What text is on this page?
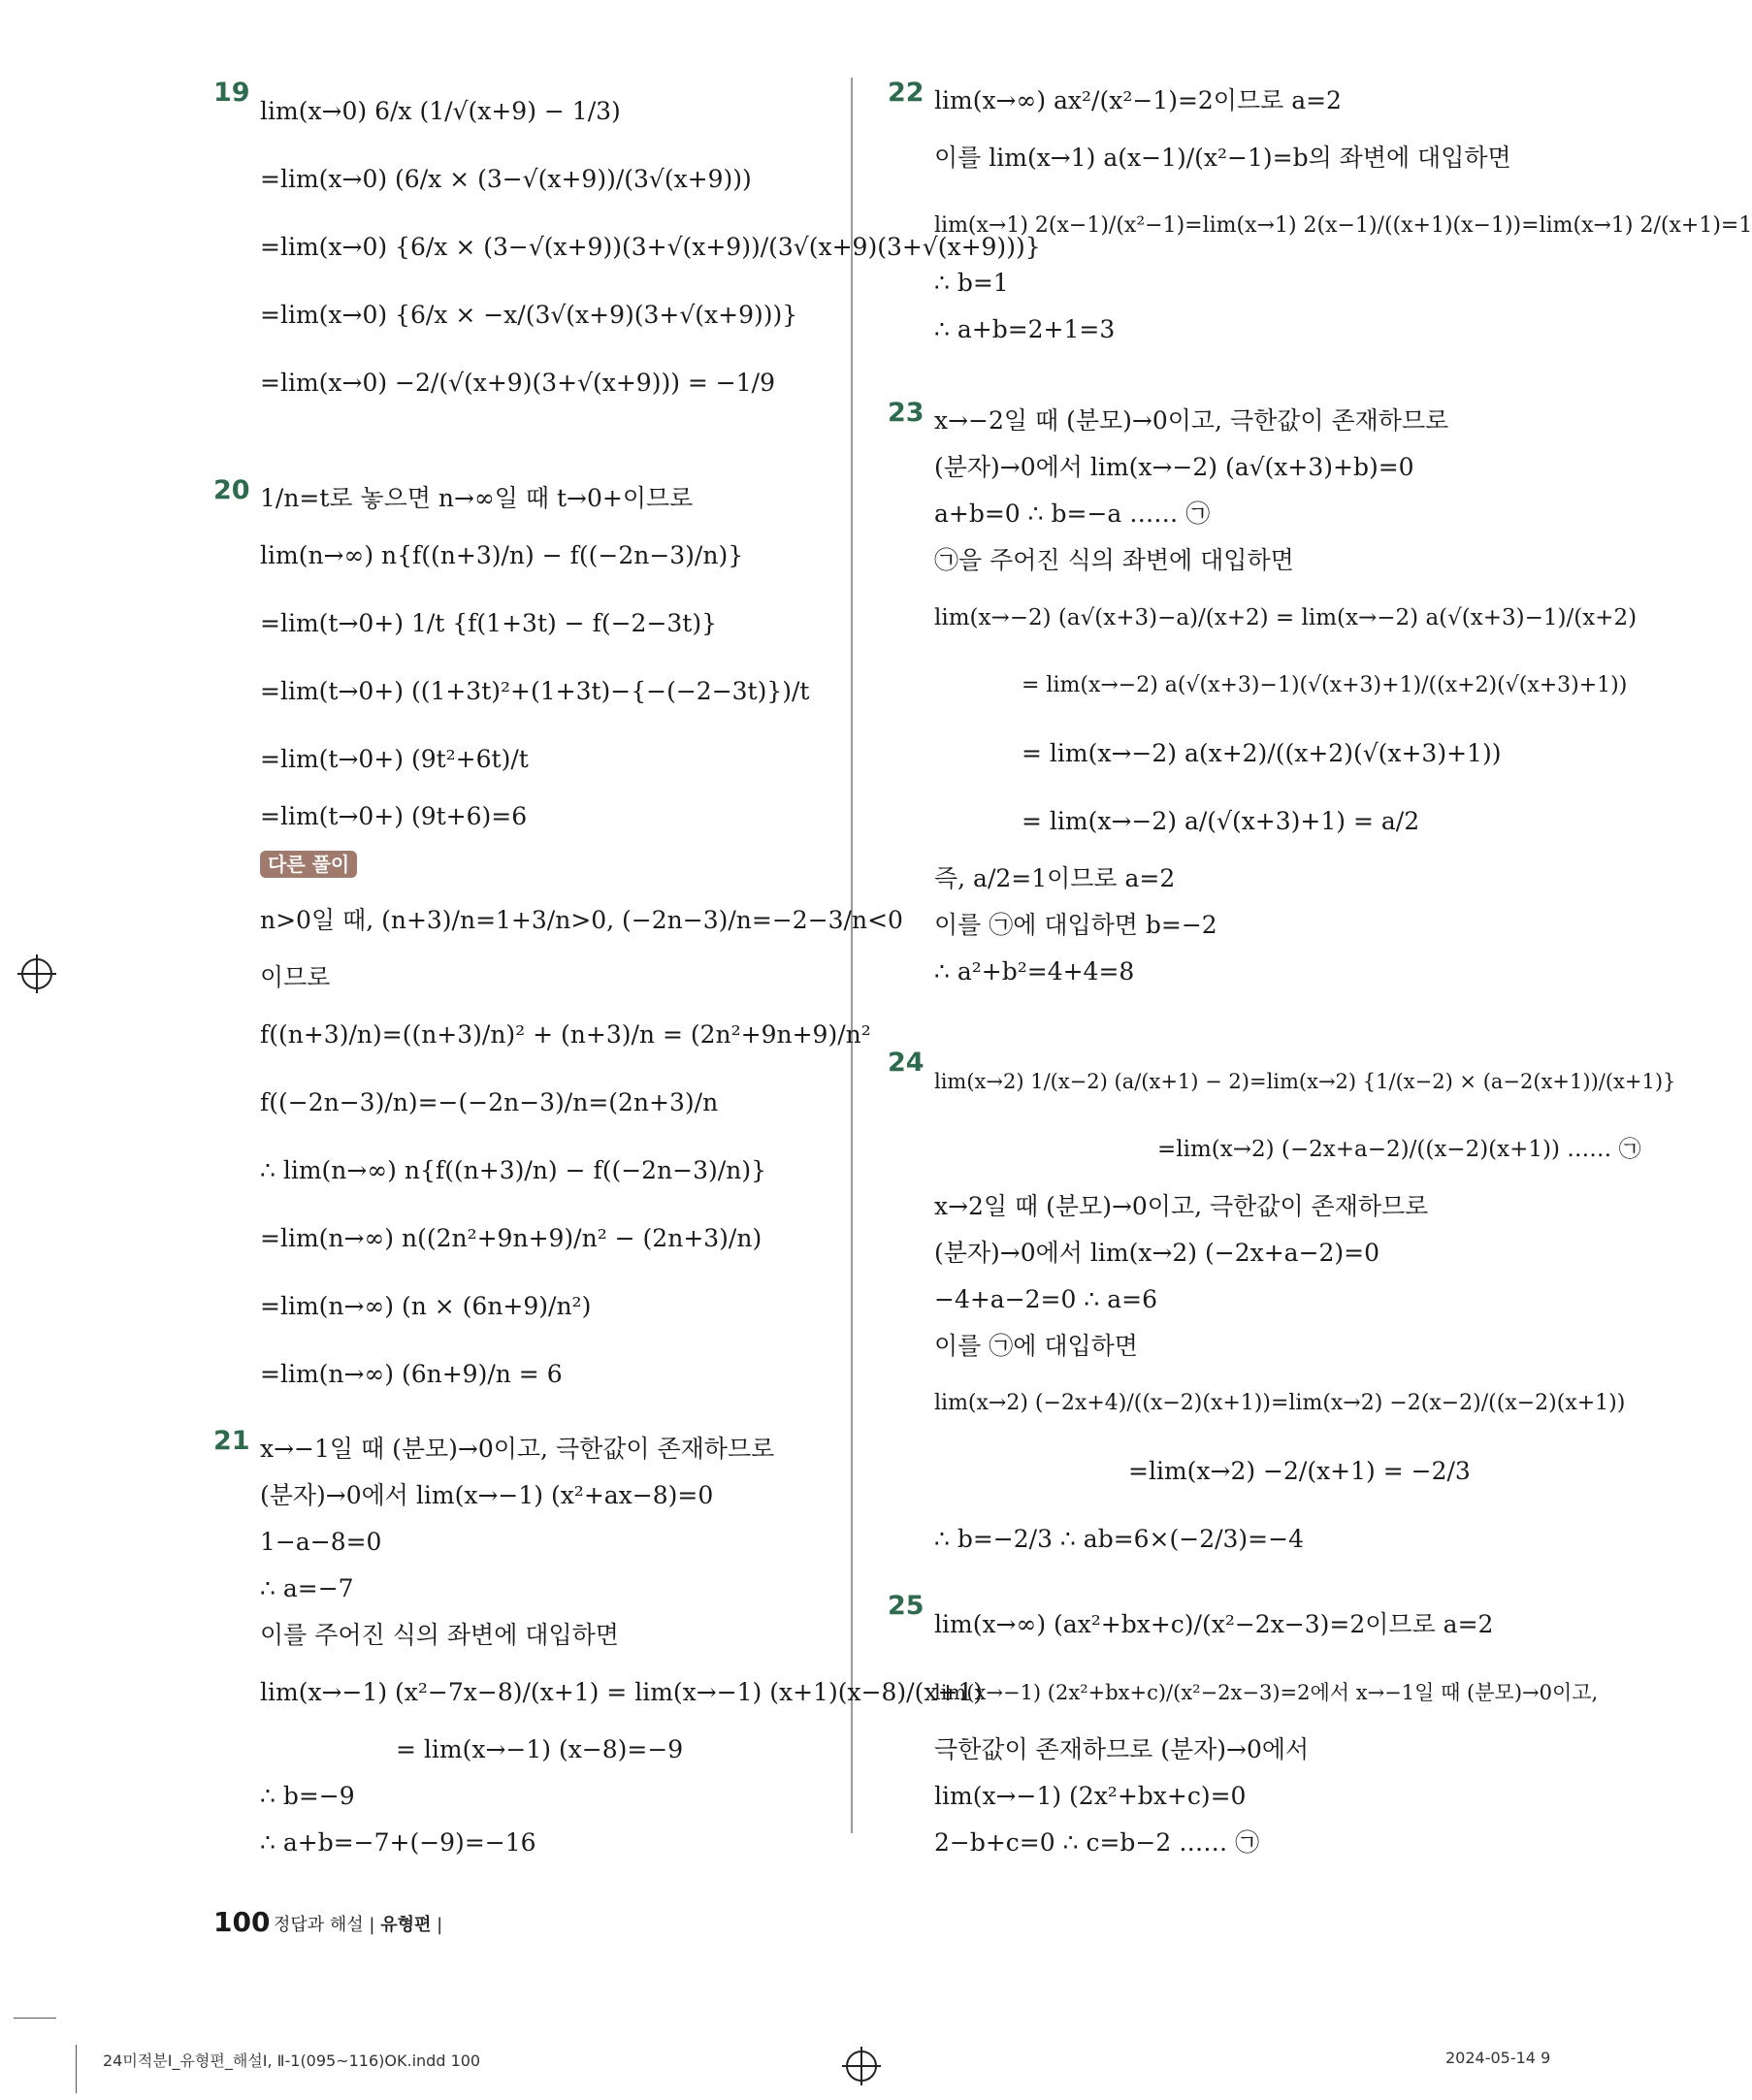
19
lim(x→0) 6/x (1/√(x+9) − 1/3)
=lim(x→0) (6/x × (3−√(x+9))/(3√(x+9)))
=lim(x→0) {6/x × (3−√(x+9))(3+√(x+9))/(3√(x+9)(3+√(x+9)))}
=lim(x→0) {6/x × −x/(3√(x+9)(3+√(x+9)))}
=lim(x→0) −2/(√(x+9)(3+√(x+9))) = −1/9
20 1/n=t로 놓으면 n→∞일 때 t→0+이므로
lim(n→∞) n{f((n+3)/n) − f((−2n−3)/n)}
=lim(t→0+) 1/t {f(1+3t) − f(−2−3t)}
=lim(t→0+) ((1+3t)²+(1+3t)−{−(−2−3t)})/t
=lim(t→0+) (9t²+6t)/t
=lim(t→0+) (9t+6)=6
다른 풀이
n>0일 때, (n+3)/n=1+3/n>0, (−2n−3)/n=−2−3/n<0
이므로
f((n+3)/n)=((n+3)/n)² + (n+3)/n = (2n²+9n+9)/n²
f((−2n−3)/n)=−(−2n−3)/n=(2n+3)/n
∴ lim(n→∞) n{f((n+3)/n) − f((−2n−3)/n)}
=lim(n→∞) n((2n²+9n+9)/n² − (2n+3)/n)
=lim(n→∞) (n × (6n+9)/n²)
=lim(n→∞) (6n+9)/n = 6
21 x→−1일 때 (분모)→0이고, 극한값이 존재하므로
(분자)→0에서 lim(x→−1) (x²+ax−8)=0
1−a−8=0
∴ a=−7
이를 주어진 식의 좌변에 대입하면
lim(x→−1) (x²−7x−8)/(x+1) = lim(x→−1) (x+1)(x−8)/(x+1)
= lim(x→−1) (x−8)=−9
∴ b=−9
∴ a+b=−7+(−9)=−16
22 lim(x→∞) ax²/(x²−1)=2이므로 a=2
이를 lim(x→1) a(x−1)/(x²−1)=b의 좌변에 대입하면
lim(x→1) 2(x−1)/(x²−1)=lim(x→1) 2(x−1)/((x+1)(x−1))=lim(x→1) 2/(x+1)=1
∴ b=1
∴ a+b=2+1=3
23 x→−2일 때 (분모)→0이고, 극한값이 존재하므로
(분자)→0에서 lim(x→−2) (a√(x+3)+b)=0
a+b=0 ∴ b=−a …… ㉠
㉠을 주어진 식의 좌변에 대입하면
lim(x→−2) (a√(x+3)−a)/(x+2) = lim(x→−2) a(√(x+3)−1)/(x+2)
= lim(x→−2) a(√(x+3)−1)(√(x+3)+1)/((x+2)(√(x+3)+1))
= lim(x→−2) a(x+2)/((x+2)(√(x+3)+1))
= lim(x→−2) a/(√(x+3)+1) = a/2
즉, a/2=1이므로 a=2
이를 ㉠에 대입하면 b=−2
∴ a²+b²=4+4=8
24
lim(x→2) 1/(x−2) (a/(x+1) − 2)=lim(x→2) {1/(x−2) × (a−2(x+1))/(x+1)}
=lim(x→2) (−2x+a−2)/((x−2)(x+1)) …… ㉠
x→2일 때 (분모)→0이고, 극한값이 존재하므로
(분자)→0에서 lim(x→2) (−2x+a−2)=0
−4+a−2=0 ∴ a=6
이를 ㉠에 대입하면
lim(x→2) (−2x+4)/((x−2)(x+1))=lim(x→2) −2(x−2)/((x−2)(x+1))
=lim(x→2) −2/(x+1) = −2/3
∴ b=−2/3 ∴ ab=6×(−2/3)=−4
25
lim(x→∞) (ax²+bx+c)/(x²−2x−3)=2이므로 a=2
lim(x→−1) (2x²+bx+c)/(x²−2x−3)=2에서 x→−1일 때 (분모)→0이고,
극한값이 존재하므로 (분자)→0에서
lim(x→−1) (2x²+bx+c)=0
2−b+c=0 ∴ c=b−2 …… ㉠
100 정답과 해설 | 유형편 |
24미적분Ⅰ_유형편_해설Ⅰ, Ⅱ-1(095~116)OK.indd 100	2024-05-14 9
